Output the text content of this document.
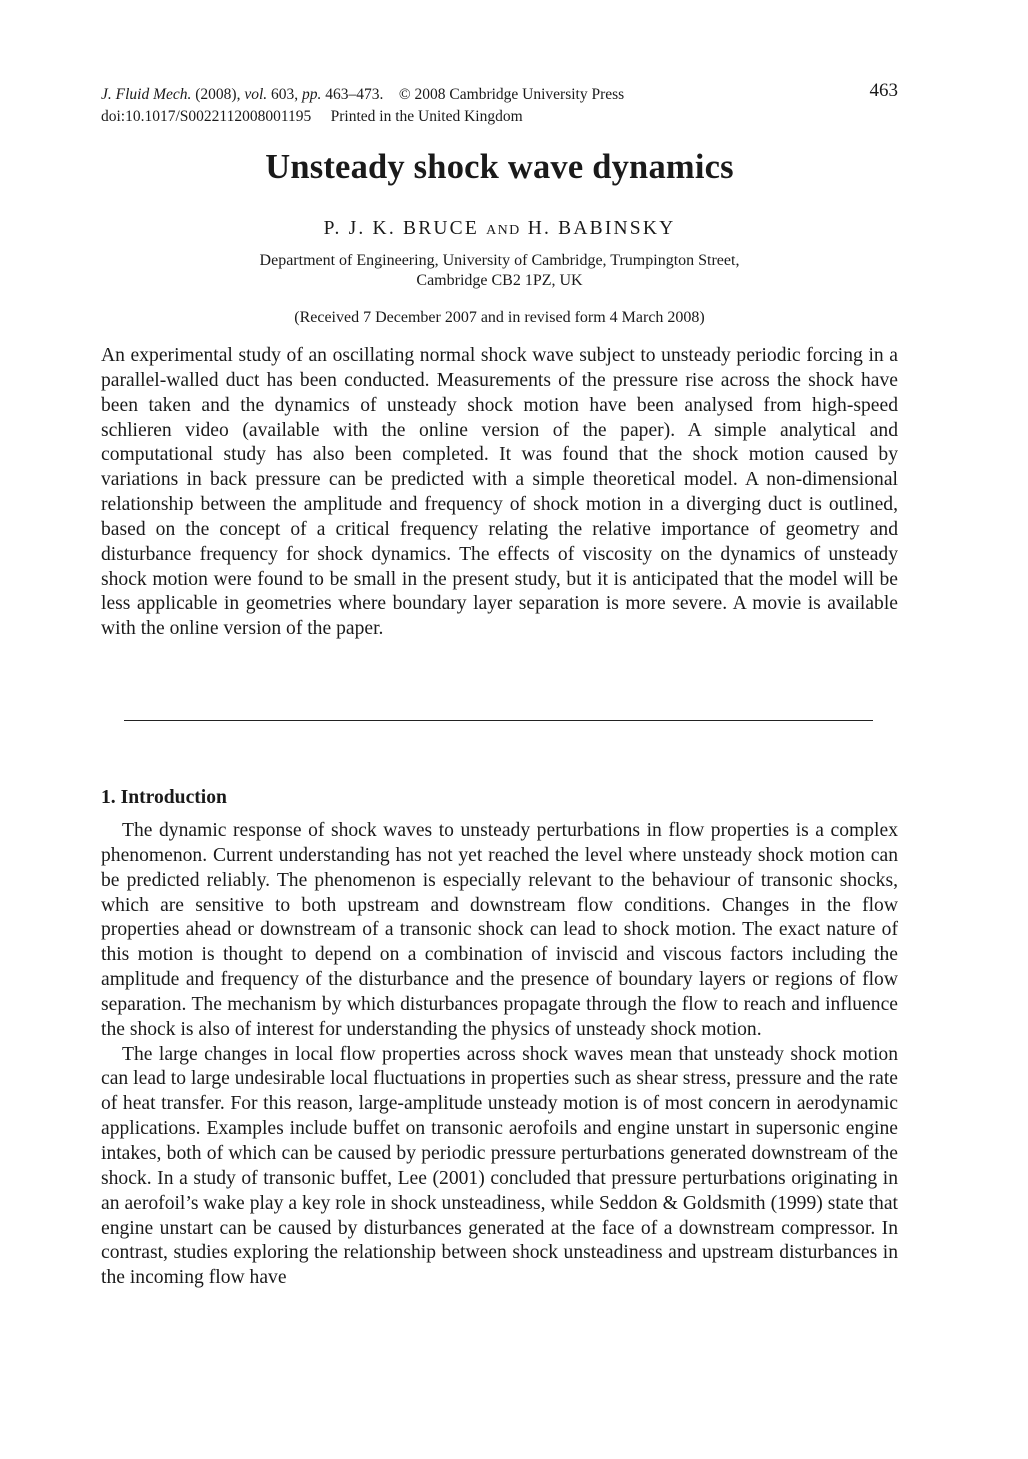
J. Fluid Mech. (2008), vol. 603, pp. 463–473. © 2008 Cambridge University Press
doi:10.1017/S0022112008001195 Printed in the United Kingdom
463
Unsteady shock wave dynamics
P. J. K. BRUCE AND H. BABINSKY
Department of Engineering, University of Cambridge, Trumpington Street,
Cambridge CB2 1PZ, UK
(Received 7 December 2007 and in revised form 4 March 2008)
An experimental study of an oscillating normal shock wave subject to unsteady periodic forcing in a parallel-walled duct has been conducted. Measurements of the pressure rise across the shock have been taken and the dynamics of unsteady shock motion have been analysed from high-speed schlieren video (available with the online version of the paper). A simple analytical and computational study has also been completed. It was found that the shock motion caused by variations in back pressure can be predicted with a simple theoretical model. A non-dimensional relationship between the amplitude and frequency of shock motion in a diverging duct is outlined, based on the concept of a critical frequency relating the relative importance of geometry and disturbance frequency for shock dynamics. The effects of viscosity on the dynamics of unsteady shock motion were found to be small in the present study, but it is anticipated that the model will be less applicable in geometries where boundary layer separation is more severe. A movie is available with the online version of the paper.
1. Introduction

The dynamic response of shock waves to unsteady perturbations in flow properties is a complex phenomenon. Current understanding has not yet reached the level where unsteady shock motion can be predicted reliably. The phenomenon is especially relevant to the behaviour of transonic shocks, which are sensitive to both upstream and downstream flow conditions. Changes in the flow properties ahead or downstream of a transonic shock can lead to shock motion. The exact nature of this motion is thought to depend on a combination of inviscid and viscous factors including the amplitude and frequency of the disturbance and the presence of boundary layers or regions of flow separation. The mechanism by which disturbances propagate through the flow to reach and influence the shock is also of interest for understanding the physics of unsteady shock motion.

The large changes in local flow properties across shock waves mean that unsteady shock motion can lead to large undesirable local fluctuations in properties such as shear stress, pressure and the rate of heat transfer. For this reason, large-amplitude unsteady motion is of most concern in aerodynamic applications. Examples include buffet on transonic aerofoils and engine unstart in supersonic engine intakes, both of which can be caused by periodic pressure perturbations generated downstream of the shock. In a study of transonic buffet, Lee (2001) concluded that pressure perturbations originating in an aerofoil’s wake play a key role in shock unsteadiness, while Seddon & Goldsmith (1999) state that engine unstart can be caused by disturbances generated at the face of a downstream compressor. In contrast, studies exploring the relationship between shock unsteadiness and upstream disturbances in the incoming flow have
